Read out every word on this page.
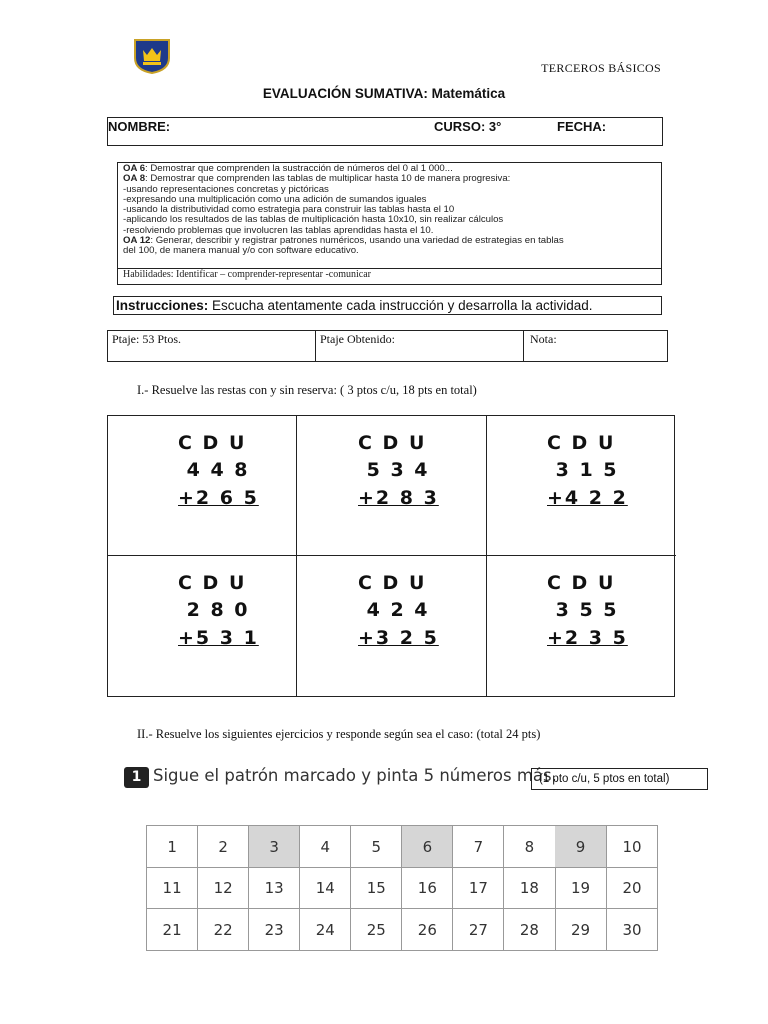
TERCEROS BÁSICOS
EVALUACIÓN SUMATIVA: Matemática
NOMBRE:	CURSO: 3°	FECHA:
OA 6: Demostrar que comprenden la sustracción de números del 0 al 1 000...
OA 8: Demostrar que comprenden las tablas de multiplicar hasta 10 de manera progresiva:
-usando representaciones concretas y pictóricas
-expresando una multiplicación como una adición de sumandos iguales
-usando la distributividad como estrategia para construir las tablas hasta el 10
-aplicando los resultados de las tablas de multiplicación hasta 10x10, sin realizar cálculos
-resolviendo problemas que involucren las tablas aprendidas hasta el 10.
OA 12: Generar, describir y registrar patrones numéricos, usando una variedad de estrategias en tablas
del 100, de manera manual y/o con software educativo.
Habilidades: Identificar – comprender-representar -comunicar
Instrucciones: Escucha atentamente cada instrucción y desarrolla la actividad.
Ptaje: 53 Ptos.	Ptaje Obtenido:	Nota:
I.- Resuelve las restas con y sin reserva: ( 3 ptos c/u, 18 pts en total)
C D U
4 4 8
+2 6 5
C D U
5 3 4
+2 8 3
C D U
3 1 5
+4 2 2
C D U
2 8 0
+5 3 1
C D U
4 2 4
+3 2 5
C D U
3 5 5
+2 3 5
II.- Resuelve los siguientes ejercicios y responde según sea el caso: (total 24 pts)
1 Sigue el patrón marcado y pinta 5 números más.
(1 pto c/u, 5 ptos en total)
1	2	3	4	5	6	7	8	9	10
11	12	13	14	15	16	17	18	19	20
21	22	23	24	25	26	27	28	29	30
